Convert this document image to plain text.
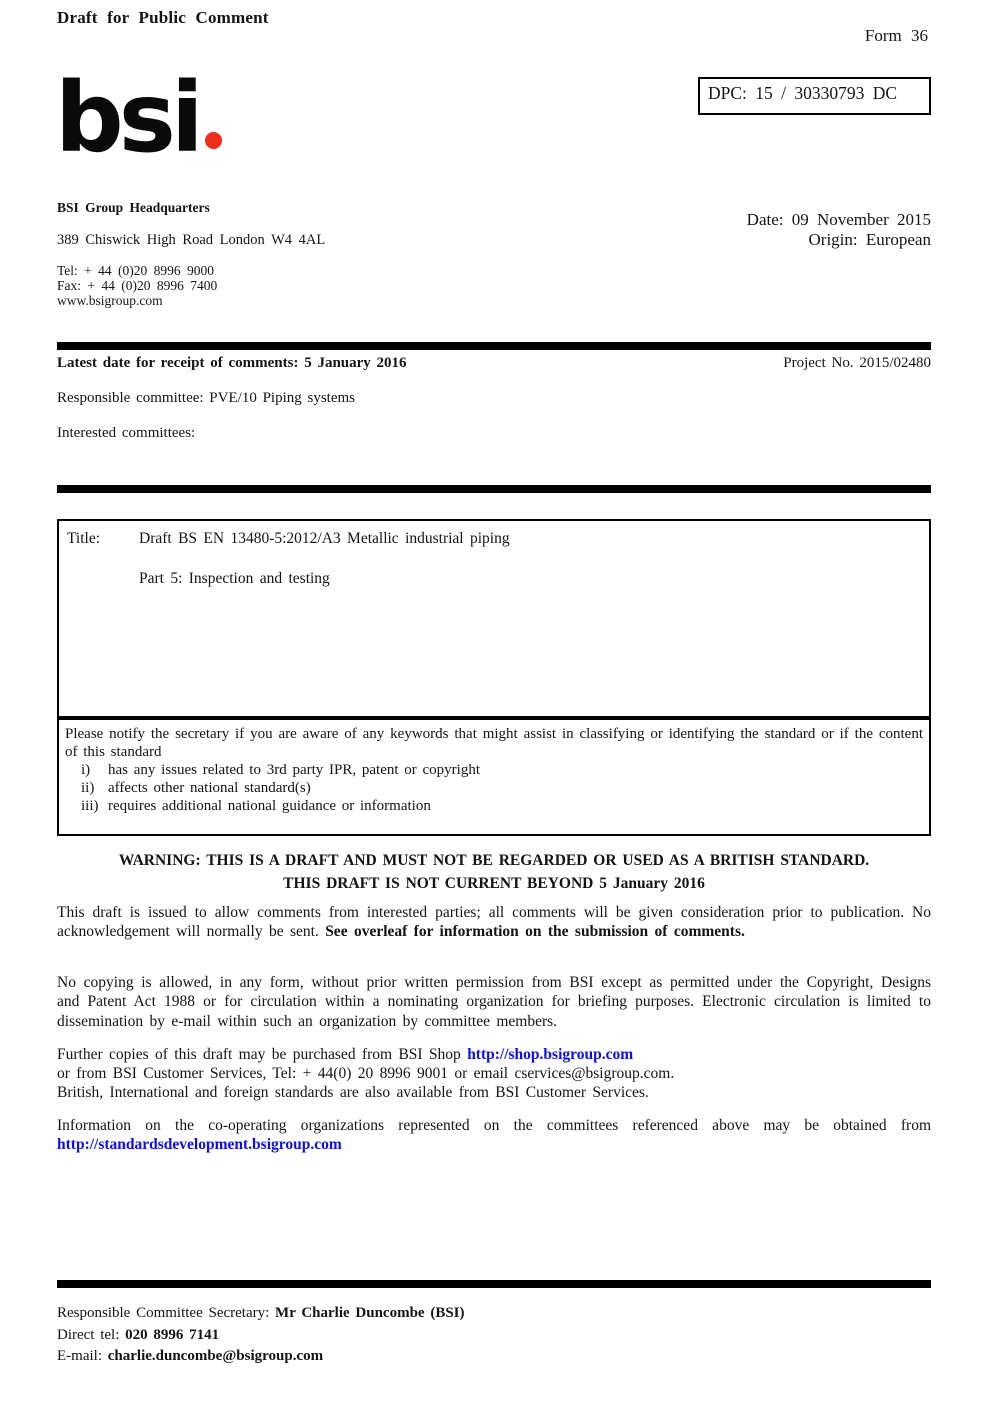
Draft for Public Comment
Form 36
DPC: 15 / 30330793 DC
bsi
BSI Group Headquarters
389 Chiswick High Road London W4 4AL
Tel: + 44 (0)20 8996 9000
Fax: + 44 (0)20 8996 7400
www.bsigroup.com
Date: 09 November 2015
Origin: European
Latest date for receipt of comments: 5 January 2016	Project No. 2015/02480
Responsible committee: PVE/10 Piping systems
Interested committees:
Title:	Draft BS EN 13480-5:2012/A3 Metallic industrial piping
Part 5: Inspection and testing
Please notify the secretary if you are aware of any keywords that might assist in classifying or identifying the standard or if the content of this standard
i)	has any issues related to 3rd party IPR, patent or copyright
ii) affects other national standard(s)
iii) requires additional national guidance or information
WARNING: THIS IS A DRAFT AND MUST NOT BE REGARDED OR USED AS A BRITISH STANDARD.
THIS DRAFT IS NOT CURRENT BEYOND 5 January 2016
This draft is issued to allow comments from interested parties; all comments will be given consideration prior to publication. No acknowledgement will normally be sent. See overleaf for information on the submission of comments.
No copying is allowed, in any form, without prior written permission from BSI except as permitted under the Copyright, Designs and Patent Act 1988 or for circulation within a nominating organization for briefing purposes. Electronic circulation is limited to dissemination by e-mail within such an organization by committee members.
Further copies of this draft may be purchased from BSI Shop http://shop.bsigroup.com
or from BSI Customer Services, Tel: + 44(0) 20 8996 9001 or email cservices@bsigroup.com.
British, International and foreign standards are also available from BSI Customer Services.
Information on the co-operating organizations represented on the committees referenced above may be obtained from http://standardsdevelopment.bsigroup.com
Responsible Committee Secretary: Mr Charlie Duncombe (BSI)
Direct tel: 020 8996 7141
E-mail: charlie.duncombe@bsigroup.com
